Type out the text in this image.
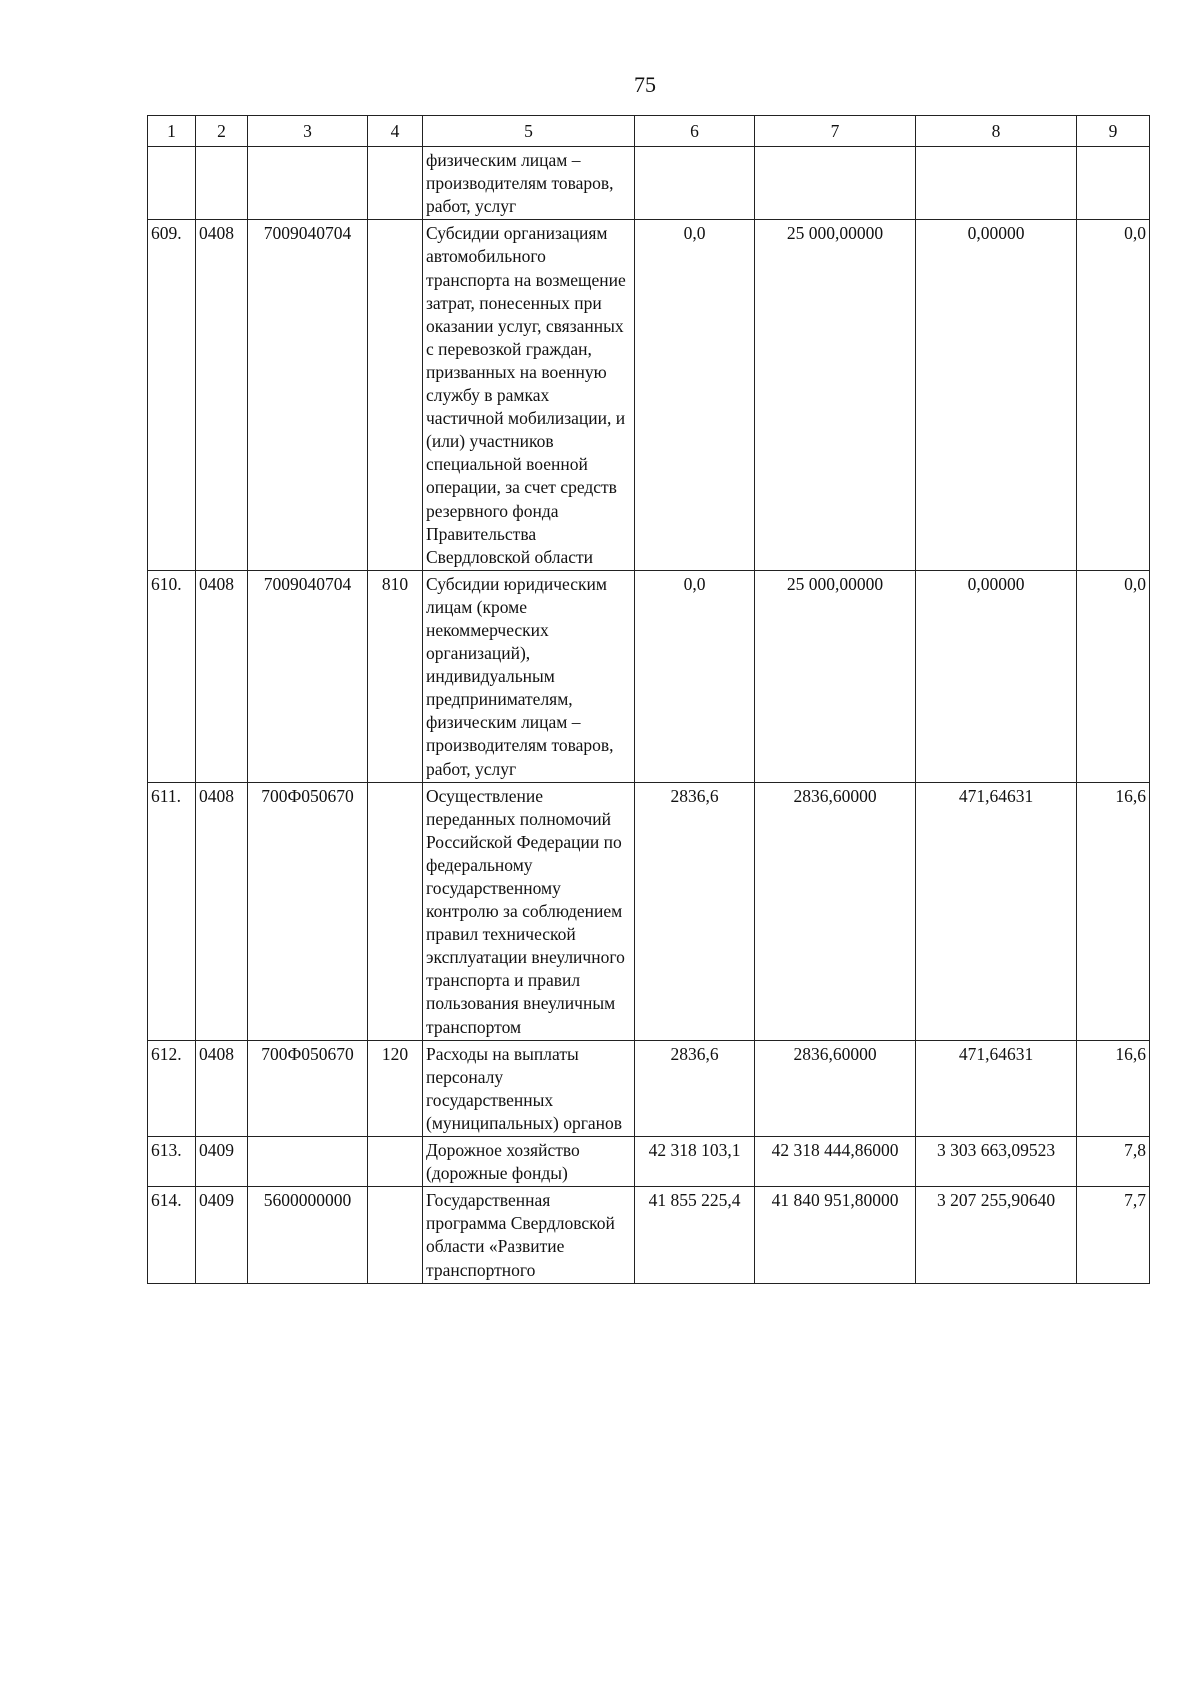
75
1	2	3	4	5	6	7	8	9
				физическим лицам – производителям товаров, работ, услуг				
609.	0408	7009040704		Субсидии организациям автомобильного транспорта на возмещение затрат, понесенных при оказании услуг, связанных с перевозкой граждан, призванных на военную службу в рамках частичной мобилизации, и (или) участников специальной военной операции, за счет средств резервного фонда Правительства Свердловской области	0,0	25 000,00000	0,00000	0,0
610.	0408	7009040704	810	Субсидии юридическим лицам (кроме некоммерческих организаций), индивидуальным предпринимателям, физическим лицам – производителям товаров, работ, услуг	0,0	25 000,00000	0,00000	0,0
611.	0408	700Ф050670		Осуществление переданных полномочий Российской Федерации по федеральному государственному контролю за соблюдением правил технической эксплуатации внеуличного транспорта и правил пользования внеуличным транспортом	2836,6	2836,60000	471,64631	16,6
612.	0408	700Ф050670	120	Расходы на выплаты персоналу государственных (муниципальных) органов	2836,6	2836,60000	471,64631	16,6
613.	0409			Дорожное хозяйство (дорожные фонды)	42 318 103,1	42 318 444,86000	3 303 663,09523	7,8
614.	0409	5600000000		Государственная программа Свердловской области «Развитие транспортного	41 855 225,4	41 840 951,80000	3 207 255,90640	7,7
